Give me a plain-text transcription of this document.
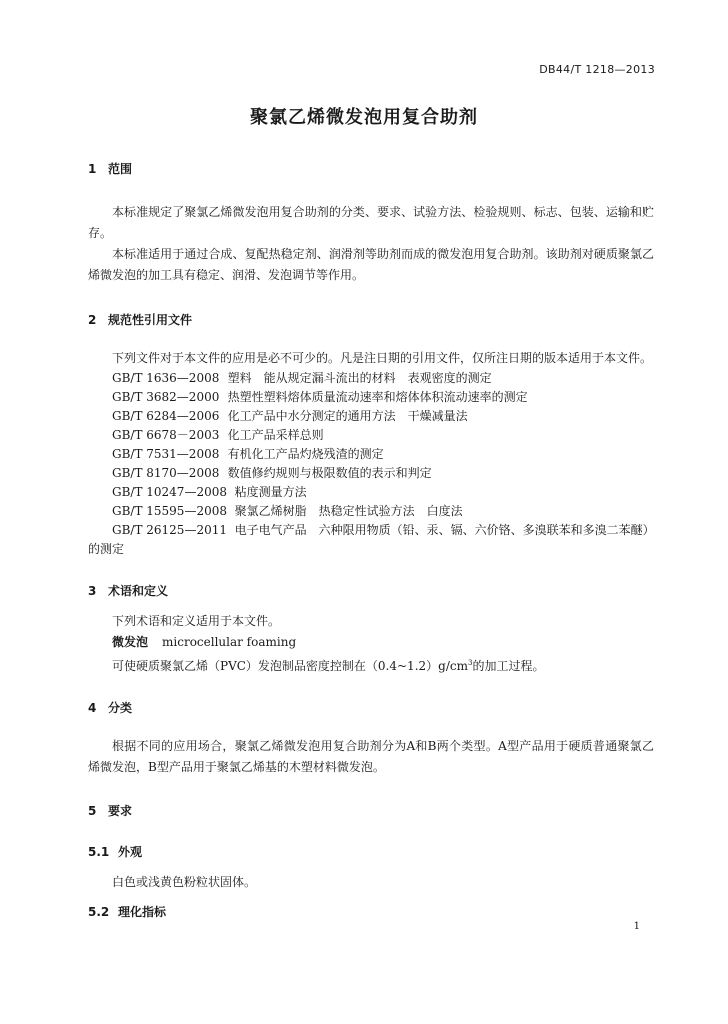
DB44/T 1218—2013
聚氯乙烯微发泡用复合助剂

1 范围

本标准规定了聚氯乙烯微发泡用复合助剂的分类、要求、试验方法、检验规则、标志、包装、运输和贮存。

本标准适用于通过合成、复配热稳定剂、润滑剂等助剂而成的微发泡用复合助剂。该助剂对硬质聚氯乙烯微发泡的加工具有稳定、润滑、发泡调节等作用。

2 规范性引用文件

下列文件对于本文件的应用是必不可少的。凡是注日期的引用文件，仅所注日期的版本适用于本文件。

GB/T 1636—2008 塑料　能从规定漏斗流出的材料　表观密度的测定

GB/T 3682—2000 热塑性塑料熔体质量流动速率和熔体体积流动速率的测定

GB/T 6284—2006 化工产品中水分测定的通用方法　干燥减量法

GB/T 6678－2003 化工产品采样总则

GB/T 7531—2008 有机化工产品灼烧残渣的测定

GB/T 8170—2008 数值修约规则与极限数值的表示和判定

GB/T 10247—2008 粘度测量方法

GB/T 15595—2008 聚氯乙烯树脂　热稳定性试验方法　白度法

GB/T 26125—2011 电子电气产品　六种限用物质（铅、汞、镉、六价铬、多溴联苯和多溴二苯醚）

的测定

3 术语和定义

下列术语和定义适用于本文件。

微发泡 microcellular foaming

可使硬质聚氯乙烯（PVC）发泡制品密度控制在$(0.4\sim 1.2)g/cm^3$的加工过程。

4 分类

根据不同的应用场合，聚氯乙烯微发泡用复合助剂分为A和B两个类型。A型产品用于硬质普通聚氯乙烯微发泡，B型产品用于聚氯乙烯基的木塑材料微发泡。

5 要求

5.1 外观

白色或浅黄色粉粒状固体。

5.2 理化指标

1
